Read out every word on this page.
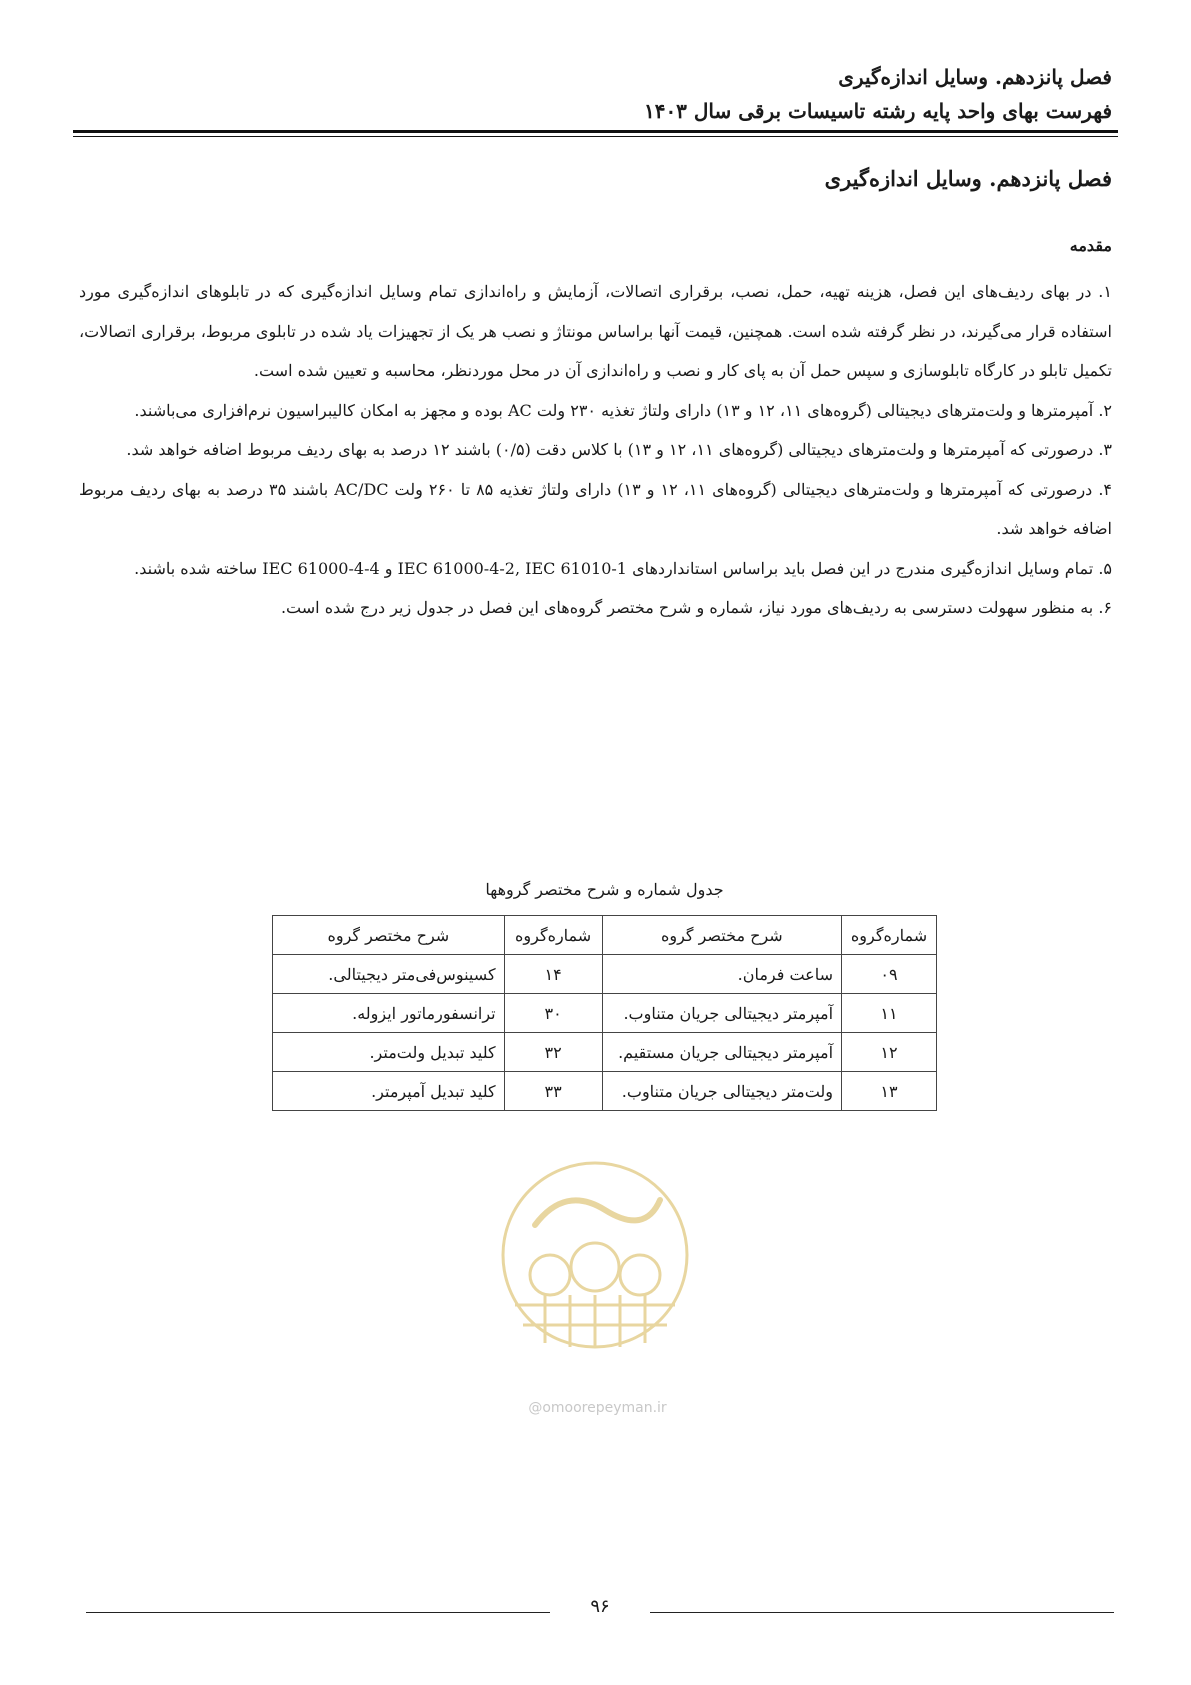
فصل پانزدهم. وسایل اندازه‌گیری
فهرست بهای واحد پایه رشته تاسیسات برقی سال ۱۴۰۳
فصل پانزدهم. وسایل اندازه‌گیری
مقدمه

۱. در بهای ردیف‌های این فصل، هزینه تهیه، حمل، نصب، برقراری اتصالات، آزمایش و راه‌اندازی تمام وسایل اندازه‌گیری که در تابلوهای اندازه‌گیری مورد استفاده قرار می‌گیرند، در نظر گرفته شده است. همچنین، قیمت آنها براساس مونتاژ و نصب هر یک از تجهیزات یاد شده در تابلوی مربوط، برقراری اتصالات، تکمیل تابلو در کارگاه تابلوسازی و سپس حمل آن به پای کار و نصب و راه‌اندازی آن در محل موردنظر، محاسبه و تعیین شده است.

۲. آمپرمترها و ولت‌مترهای دیجیتالی (گروه‌های ۱۱، ۱۲ و ۱۳) دارای ولتاژ تغذیه ۲۳۰ ولت AC بوده و مجهز به امکان کالیبراسیون نرم‌افزاری می‌باشند.

۳. درصورتی که آمپرمترها و ولت‌مترهای دیجیتالی (گروه‌های ۱۱، ۱۲ و ۱۳) با کلاس دقت (۰/۵) باشند ۱۲ درصد به بهای ردیف مربوط اضافه خواهد شد.

۴. درصورتی که آمپرمترها و ولت‌مترهای دیجیتالی (گروه‌های ۱۱، ۱۲ و ۱۳) دارای ولتاژ تغذیه ۸۵ تا ۲۶۰ ولت AC/DC باشند ۳۵ درصد به بهای ردیف مربوط اضافه خواهد شد.

۵. تمام وسایل اندازه‌گیری مندرج در این فصل باید براساس استانداردهای IEC 61000-4-2, IEC 61010-1 و IEC 61000-4-4 ساخته شده باشند.

۶. به منظور سهولت دسترسی به ردیف‌های مورد نیاز، شماره و شرح مختصر گروه‌های این فصل در جدول زیر درج شده است.

جدول شماره و شرح مختصر گروهها
شماره‌گروه	شرح مختصر گروه	شماره‌گروه	شرح مختصر گروه
۰۹	ساعت فرمان.	۱۴	کسینوس‌فی‌متر دیجیتالی.
۱۱	آمپرمتر دیجیتالی جریان متناوب.	۳۰	ترانسفورماتور ایزوله.
۱۲	آمپرمتر دیجیتالی جریان مستقیم.	۳۲	کلید تبدیل ولت‌متر.
۱۳	ولت‌متر دیجیتالی جریان متناوب.	۳۳	کلید تبدیل آمپرمتر.
@omoorepeyman.ir
۹۶
